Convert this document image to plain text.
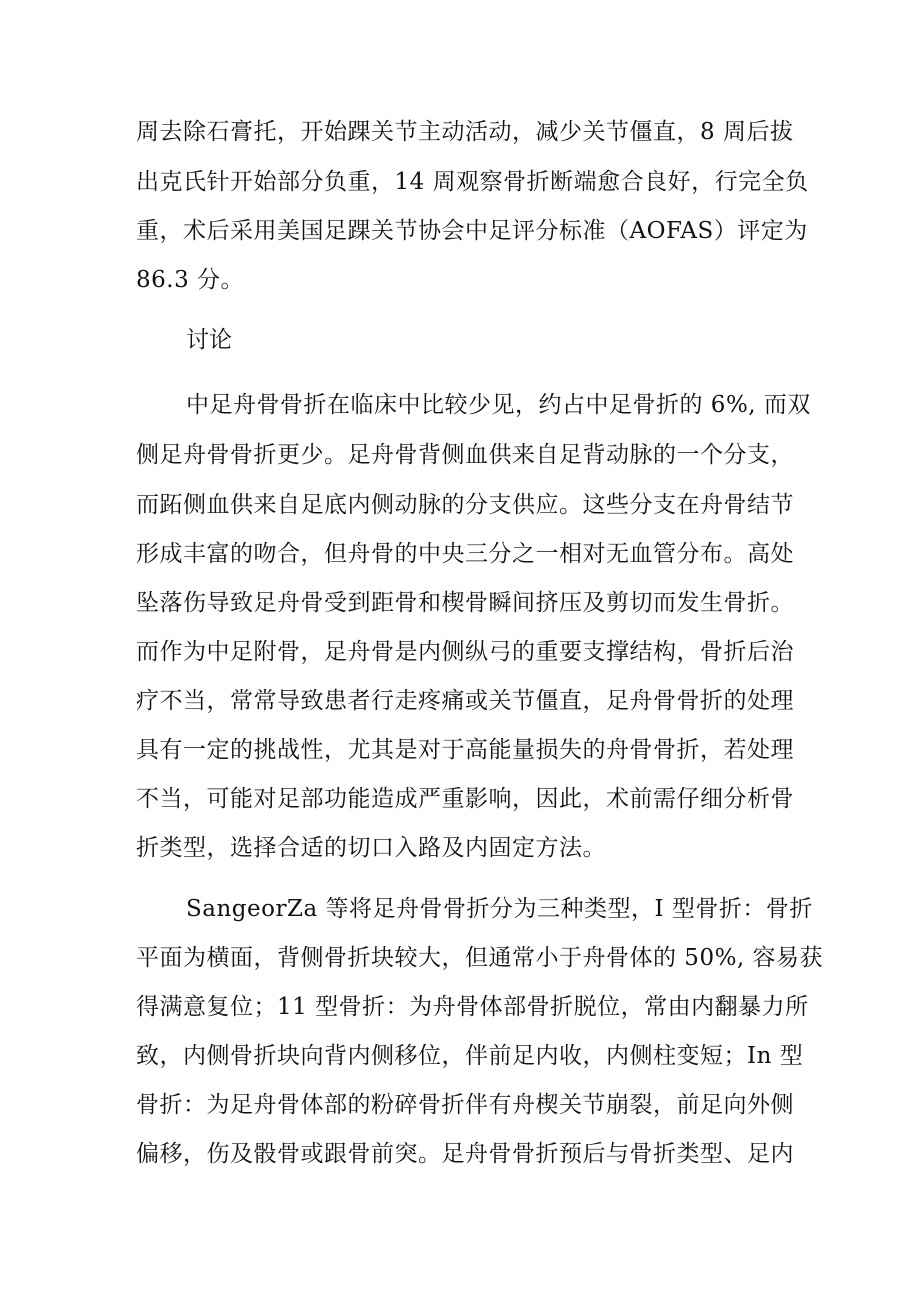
周去除石膏托，开始踝关节主动活动，减少关节僵直，8 周后拔
出克氏针开始部分负重，14 周观察骨折断端愈合良好，行完全负
重，术后采用美国足踝关节协会中足评分标准（AOFAS）评定为
86.3 分。
讨论
中足舟骨骨折在临床中比较少见，约占中足骨折的 6%, 而双
侧足舟骨骨折更少。足舟骨背侧血供来自足背动脉的一个分支，
而跖侧血供来自足底内侧动脉的分支供应。这些分支在舟骨结节
形成丰富的吻合，但舟骨的中央三分之一相对无血管分布。高处
坠落伤导致足舟骨受到距骨和楔骨瞬间挤压及剪切而发生骨折。
而作为中足附骨，足舟骨是内侧纵弓的重要支撑结构，骨折后治
疗不当，常常导致患者行走疼痛或关节僵直，足舟骨骨折的处理
具有一定的挑战性，尤其是对于高能量损失的舟骨骨折，若处理
不当，可能对足部功能造成严重影响，因此，术前需仔细分析骨
折类型，选择合适的切口入路及内固定方法。
SangeorZa 等将足舟骨骨折分为三种类型，I 型骨折：骨折
平面为横面，背侧骨折块较大，但通常小于舟骨体的 50%, 容易获
得满意复位；11 型骨折：为舟骨体部骨折脱位，常由内翻暴力所
致，内侧骨折块向背内侧移位，伴前足内收，内侧柱变短；In 型
骨折：为足舟骨体部的粉碎骨折伴有舟楔关节崩裂，前足向外侧
偏移，伤及骰骨或跟骨前突。足舟骨骨折预后与骨折类型、足内
